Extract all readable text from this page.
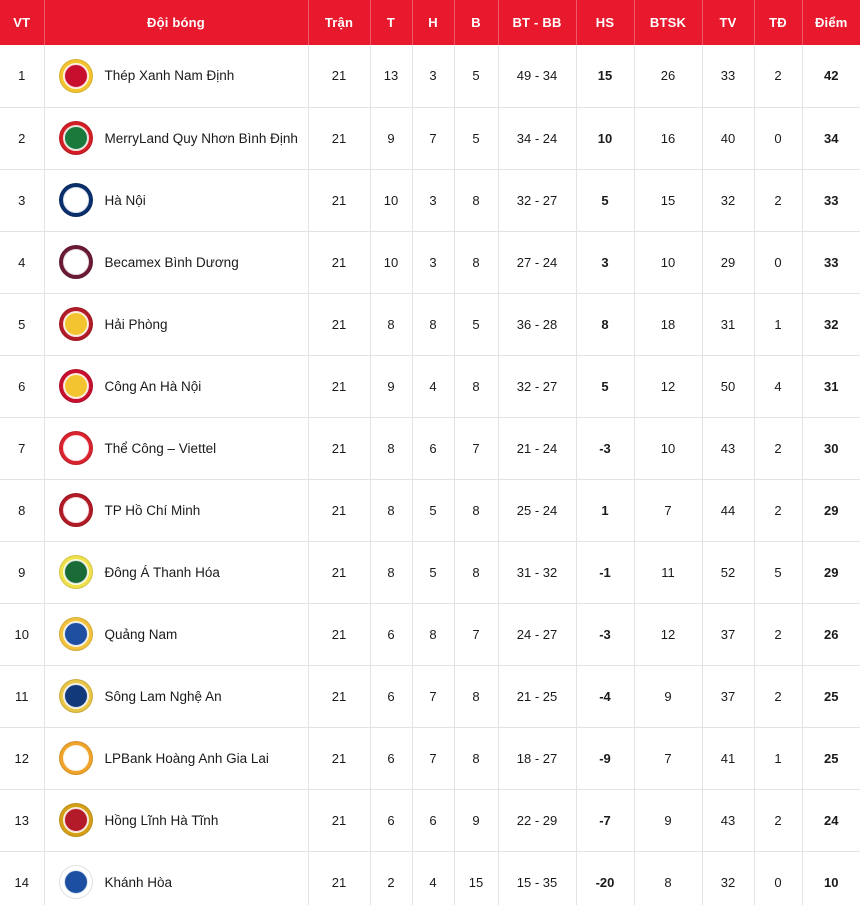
VT	Đội bóng	Trận	T	H	B	BT - BB	HS	BTSK	TV	TĐ	Điểm
1	Thép Xanh Nam Định	21	13	3	5	49 - 34	15	26	33	2	42
2	MerryLand Quy Nhơn Bình Định	21	9	7	5	34 - 24	10	16	40	0	34
3	Hà Nội	21	10	3	8	32 - 27	5	15	32	2	33
4	Becamex Bình Dương	21	10	3	8	27 - 24	3	10	29	0	33
5	Hải Phòng	21	8	8	5	36 - 28	8	18	31	1	32
6	Công An Hà Nội	21	9	4	8	32 - 27	5	12	50	4	31
7	Thể Công – Viettel	21	8	6	7	21 - 24	-3	10	43	2	30
8	TP Hồ Chí Minh	21	8	5	8	25 - 24	1	7	44	2	29
9	Đông Á Thanh Hóa	21	8	5	8	31 - 32	-1	11	52	5	29
10	Quảng Nam	21	6	8	7	24 - 27	-3	12	37	2	26
11	Sông Lam Nghệ An	21	6	7	8	21 - 25	-4	9	37	2	25
12	LPBank Hoàng Anh Gia Lai	21	6	7	8	18 - 27	-9	7	41	1	25
13	Hồng Lĩnh Hà Tĩnh	21	6	6	9	22 - 29	-7	9	43	2	24
14	Khánh Hòa	21	2	4	15	15 - 35	-20	8	32	0	10
